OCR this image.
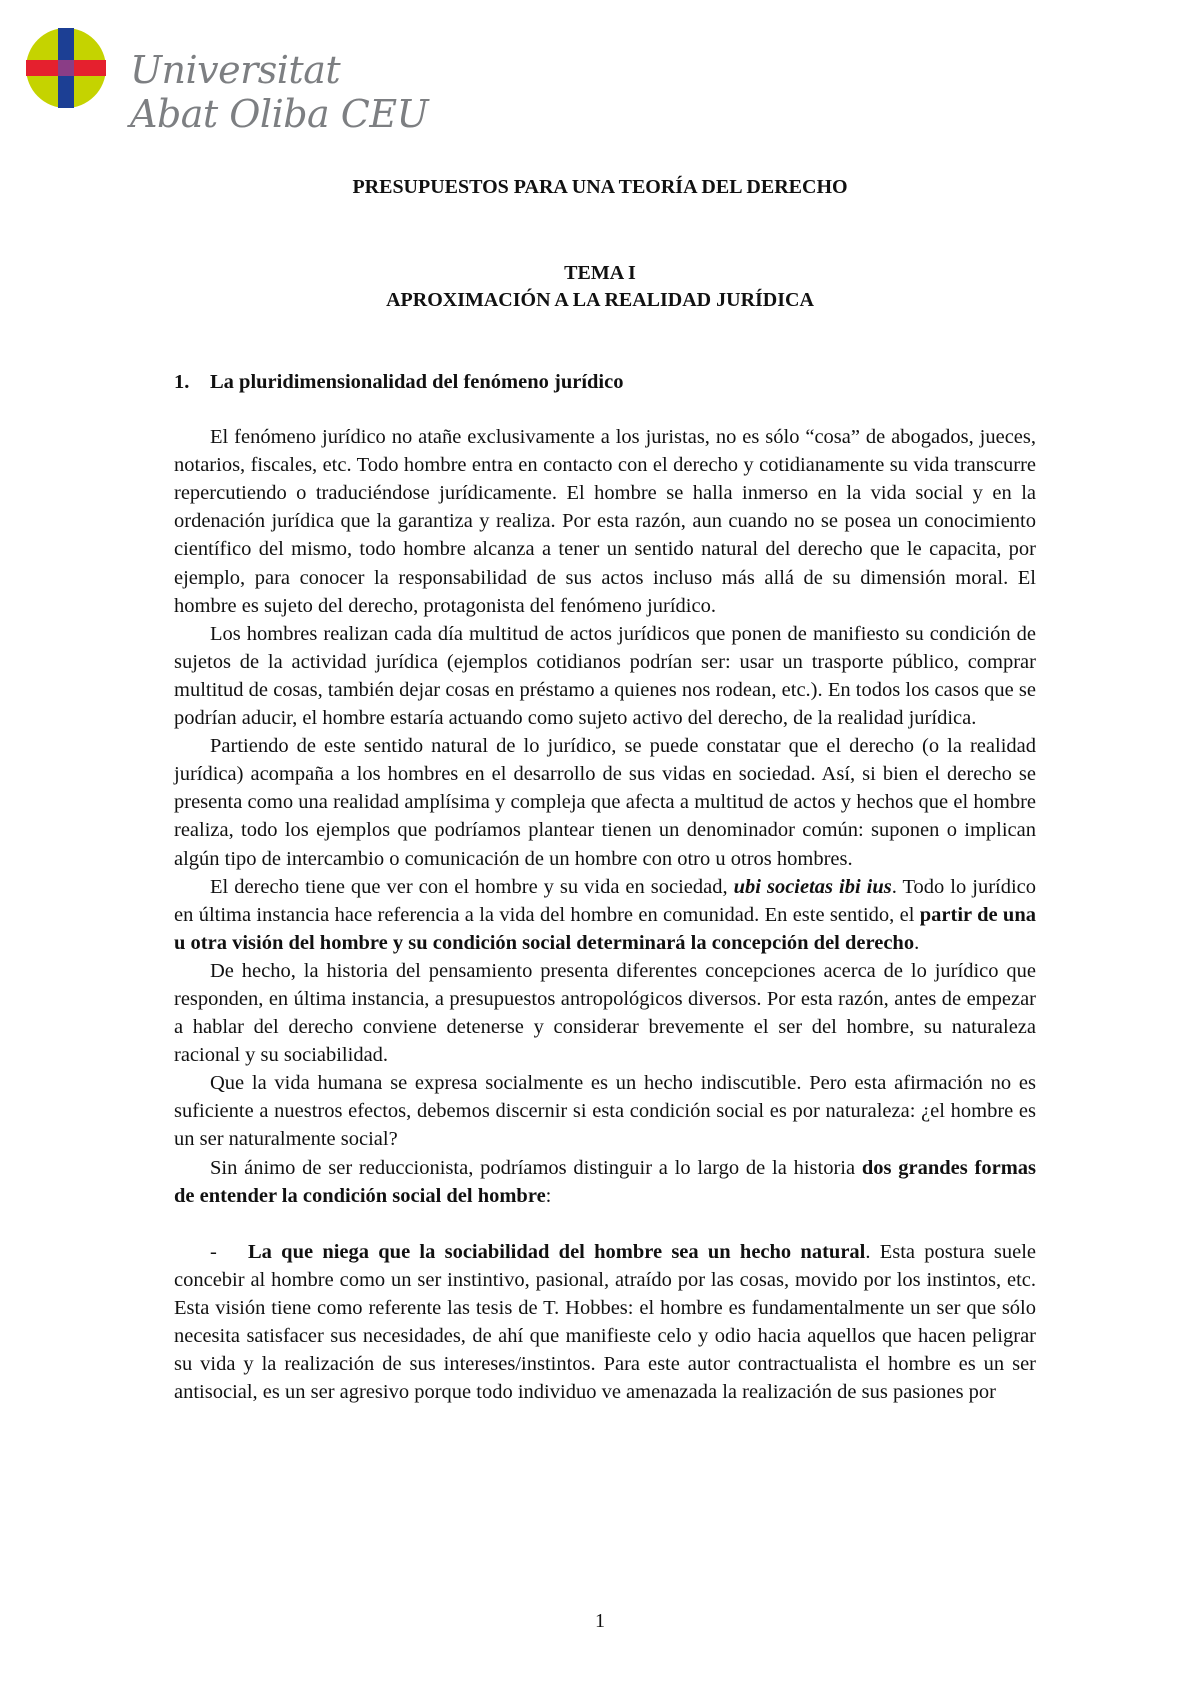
Universitat
Abat Oliba CEU
PRESUPUESTOS PARA UNA TEORÍA DEL DERECHO
TEMA I
APROXIMACIÓN A LA REALIDAD JURÍDICA
1. La pluridimensionalidad del fenómeno jurídico

El fenómeno jurídico no atañe exclusivamente a los juristas, no es sólo “cosa” de abogados, jueces, notarios, fiscales, etc. Todo hombre entra en contacto con el derecho y cotidianamente su vida transcurre repercutiendo o traduciéndose jurídicamente. El hombre se halla inmerso en la vida social y en la ordenación jurídica que la garantiza y realiza. Por esta razón, aun cuando no se posea un conocimiento científico del mismo, todo hombre alcanza a tener un sentido natural del derecho que le capacita, por ejemplo, para conocer la responsabilidad de sus actos incluso más allá de su dimensión moral. El hombre es sujeto del derecho, protagonista del fenómeno jurídico.

Los hombres realizan cada día multitud de actos jurídicos que ponen de manifiesto su condición de sujetos de la actividad jurídica (ejemplos cotidianos podrían ser: usar un trasporte público, comprar multitud de cosas, también dejar cosas en préstamo a quienes nos rodean, etc.). En todos los casos que se podrían aducir, el hombre estaría actuando como sujeto activo del derecho, de la realidad jurídica.

Partiendo de este sentido natural de lo jurídico, se puede constatar que el derecho (o la realidad jurídica) acompaña a los hombres en el desarrollo de sus vidas en sociedad. Así, si bien el derecho se presenta como una realidad amplísima y compleja que afecta a multitud de actos y hechos que el hombre realiza, todo los ejemplos que podríamos plantear tienen un denominador común: suponen o implican algún tipo de intercambio o comunicación de un hombre con otro u otros hombres.

El derecho tiene que ver con el hombre y su vida en sociedad, ubi societas ibi ius. Todo lo jurídico en última instancia hace referencia a la vida del hombre en comunidad. En este sentido, el partir de una u otra visión del hombre y su condición social determinará la concepción del derecho.

De hecho, la historia del pensamiento presenta diferentes concepciones acerca de lo jurídico que responden, en última instancia, a presupuestos antropológicos diversos. Por esta razón, antes de empezar a hablar del derecho conviene detenerse y considerar brevemente el ser del hombre, su naturaleza racional y su sociabilidad.

Que la vida humana se expresa socialmente es un hecho indiscutible. Pero esta afirmación no es suficiente a nuestros efectos, debemos discernir si esta condición social es por naturaleza: ¿el hombre es un ser naturalmente social?

Sin ánimo de ser reduccionista, podríamos distinguir a lo largo de la historia dos grandes formas de entender la condición social del hombre:

- La que niega que la sociabilidad del hombre sea un hecho natural. Esta postura suele concebir al hombre como un ser instintivo, pasional, atraído por las cosas, movido por los instintos, etc. Esta visión tiene como referente las tesis de T. Hobbes: el hombre es fundamentalmente un ser que sólo necesita satisfacer sus necesidades, de ahí que manifieste celo y odio hacia aquellos que hacen peligrar su vida y la realización de sus intereses/instintos. Para este autor contractualista el hombre es un ser antisocial, es un ser agresivo porque todo individuo ve amenazada la realización de sus pasiones por

1
